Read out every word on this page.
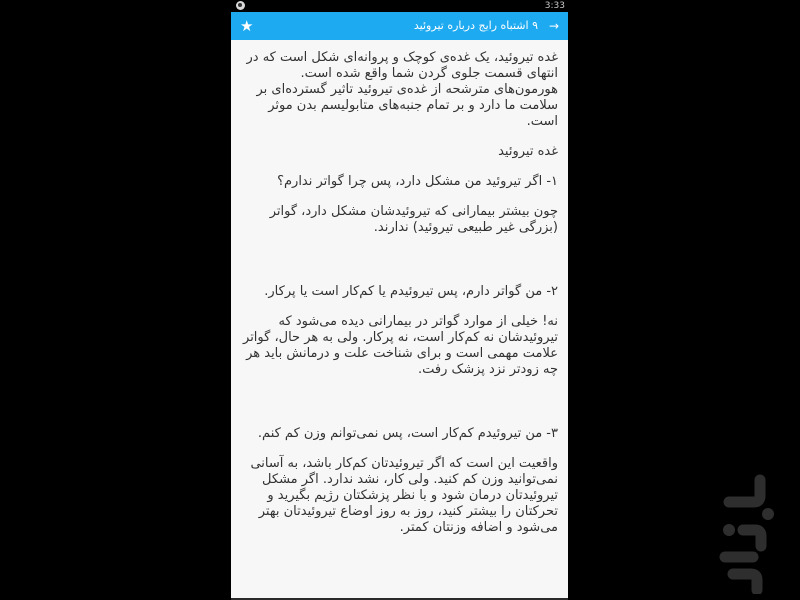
3:33
★	۹ اشتباه رایج درباره تیروئید →

غده تیروئید، یک غده‌ی کوچک و پروانه‌ای شکل است که در انتهای قسمت جلوی گردن شما واقع شده است. هورمون‌های مترشحه از غده‌ی تیروئید تاثیر گسترده‌ای بر سلامت ما دارد و بر تمام جنبه‌های متابولیسم بدن موثر است.

غده تیروئید

۱- اگر تیروئید من مشکل دارد، پس چرا گواتر ندارم؟

چون بیشتر بیمارانی که تیروئیدشان مشکل دارد، گواتر (بزرگی غیر طبیعی تیروئید) ندارند.

۲- من گواتر دارم، پس تیروئیدم یا کم‌کار است یا پرکار.

نه! خیلی از موارد گواتر در بیمارانی دیده می‌شود که تیروئیدشان نه کم‌کار است، نه پرکار. ولی به هر حال، گواتر علامت مهمی است و برای شناخت علت و درمانش باید هر چه زودتر نزد پزشک رفت.

۳- من تیروئیدم کم‌کار است، پس نمی‌توانم وزن کم کنم.

واقعیت این است که اگر تیروئیدتان کم‌کار باشد، به آسانی نمی‌توانید وزن کم کنید. ولی کار، نشد ندارد. اگر مشکل تیروئیدتان درمان شود و با نظر پزشکتان رژیم بگیرید و تحرکتان را بیشتر کنید، روز به روز اوضاع تیروئیدتان بهتر می‌شود و اضافه وزنتان کمتر.
